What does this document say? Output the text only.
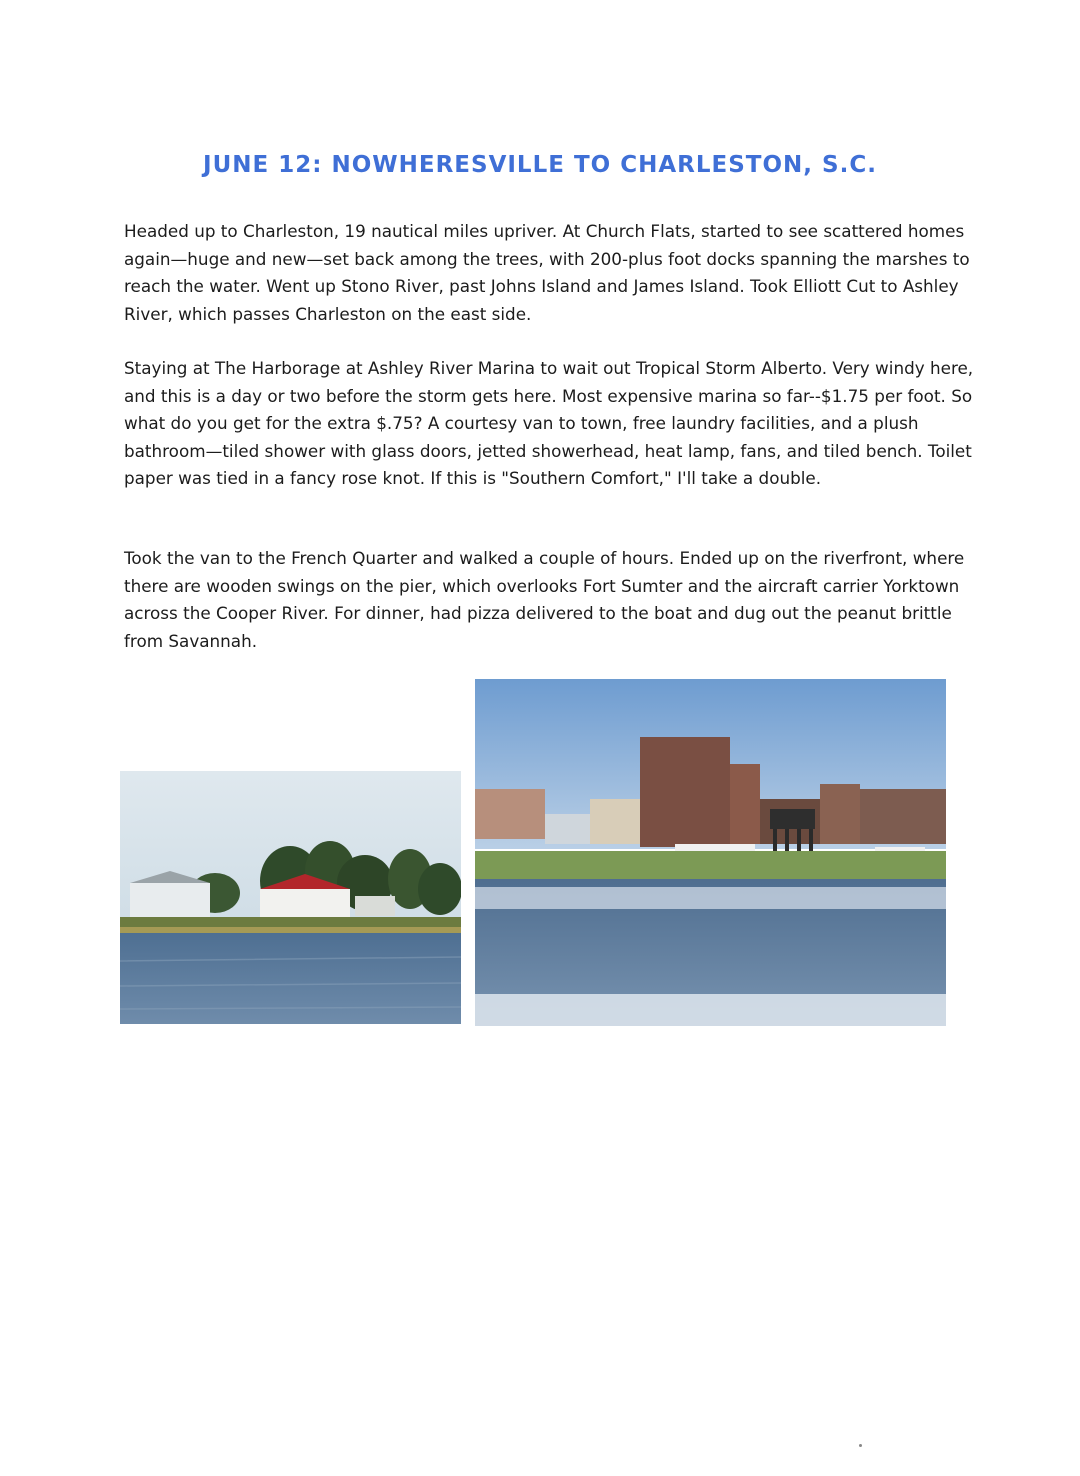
JUNE 12: NOWHERESVILLE TO CHARLESTON, S.C.

Headed up to Charleston, 19 nautical miles upriver. At Church Flats, started to see scattered homes again—huge and new—set back among the trees, with 200-plus foot docks spanning the marshes to reach the water. Went up Stono River, past Johns Island and James Island. Took Elliott Cut to Ashley River, which passes Charleston on the east side.

Staying at The Harborage at Ashley River Marina to wait out Tropical Storm Alberto. Very windy here, and this is a day or two before the storm gets here. Most expensive marina so far--$1.75 per foot. So what do you get for the extra $.75? A courtesy van to town, free laundry facilities, and a plush bathroom—tiled shower with glass doors, jetted showerhead, heat lamp, fans, and tiled bench. Toilet paper was tied in a fancy rose knot. If this is "Southern Comfort," I'll take a double.

Took the van to the French Quarter and walked a couple of hours. Ended up on the riverfront, where there are wooden swings on the pier, which overlooks Fort Sumter and the aircraft carrier Yorktown across the Cooper River. For dinner, had pizza delivered to the boat and dug out the peanut brittle from Savannah.
